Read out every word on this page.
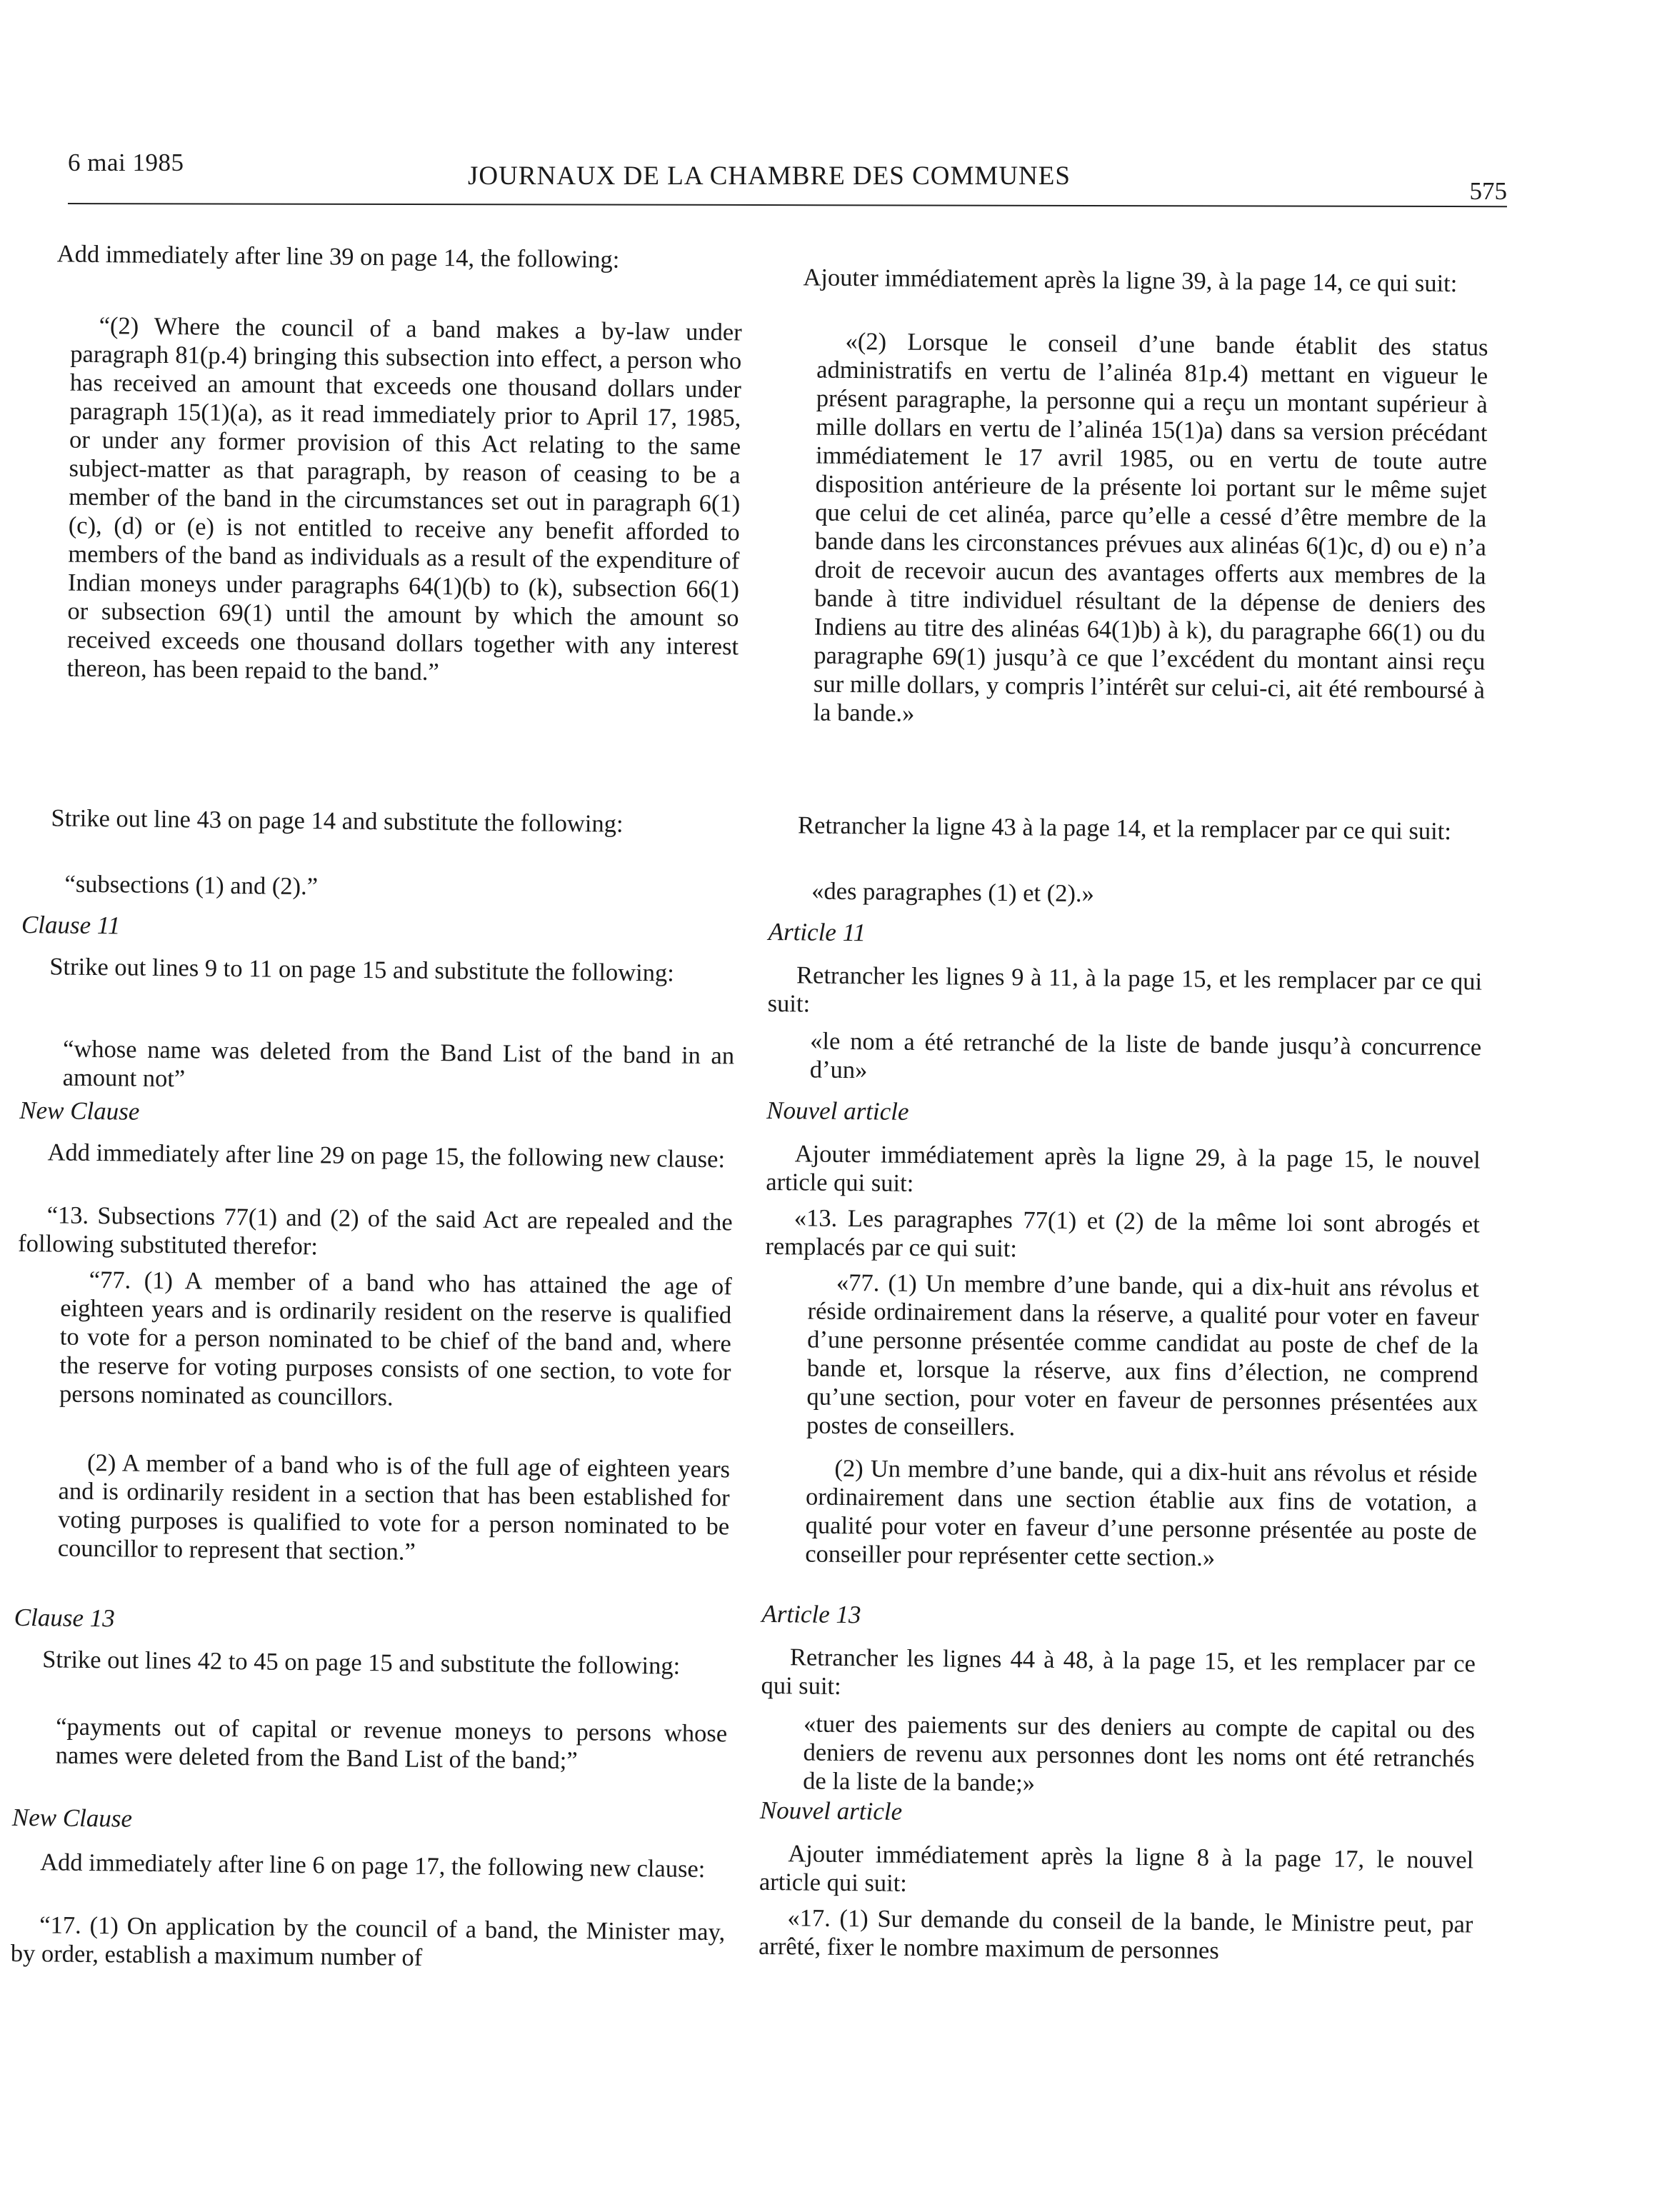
6 mai 1985	JOURNAUX DE LA CHAMBRE DES COMMUNES
575

Add immediately after line 39 on page 14, the following:

“(2) Where the council of a band makes a by-law under paragraph 81(p.4) bringing this subsection into effect, a person who has received an amount that exceeds one thousand dollars under paragraph 15(1)(a), as it read immediately prior to April 17, 1985, or under any former provision of this Act relating to the same subject-matter as that paragraph, by reason of ceasing to be a member of the band in the circumstances set out in paragraph 6(1)(c), (d) or (e) is not entitled to receive any benefit afforded to members of the band as individuals as a result of the expenditure of Indian moneys under paragraphs 64(1)(b) to (k), subsection 66(1) or subsection 69(1) until the amount by which the amount so received exceeds one thousand dollars together with any interest thereon, has been repaid to the band.”

Strike out line 43 on page 14 and substitute the following:

“subsections (1) and (2).”

Clause 11

Strike out lines 9 to 11 on page 15 and substitute the following:

“whose name was deleted from the Band List of the band in an amount not”

New Clause

Add immediately after line 29 on page 15, the following new clause:

“13. Subsections 77(1) and (2) of the said Act are repealed and the following substituted therefor:

“77. (1) A member of a band who has attained the age of eighteen years and is ordinarily resident on the reserve is qualified to vote for a person nominated to be chief of the band and, where the reserve for voting purposes consists of one section, to vote for persons nominated as councillors.

(2) A member of a band who is of the full age of eighteen years and is ordinarily resident in a section that has been established for voting purposes is qualified to vote for a person nominated to be councillor to represent that section.”

Clause 13

Strike out lines 42 to 45 on page 15 and substitute the following:

“payments out of capital or revenue moneys to persons whose names were deleted from the Band List of the band;”

New Clause

Add immediately after line 6 on page 17, the following new clause:

“17. (1) On application by the council of a band, the Minister may, by order, establish a maximum number of

Ajouter immédiatement après la ligne 39, à la page 14, ce qui suit:

«(2) Lorsque le conseil d’une bande établit des status administratifs en vertu de l’alinéa 81p.4) mettant en vigueur le présent paragraphe, la personne qui a reçu un montant supérieur à mille dollars en vertu de l’alinéa 15(1)a) dans sa version précédant immédiatement le 17 avril 1985, ou en vertu de toute autre disposition antérieure de la présente loi portant sur le même sujet que celui de cet alinéa, parce qu’elle a cessé d’être membre de la bande dans les circonstances prévues aux alinéas 6(1)c, d) ou e) n’a droit de recevoir aucun des avantages offerts aux membres de la bande à titre individuel résultant de la dépense de deniers des Indiens au titre des alinéas 64(1)b) à k), du paragraphe 66(1) ou du paragraphe 69(1) jusqu’à ce que l’excédent du montant ainsi reçu sur mille dollars, y compris l’intérêt sur celui-ci, ait été remboursé à la bande.»

Retrancher la ligne 43 à la page 14, et la remplacer par ce qui suit:

«des paragraphes (1) et (2).»

Article 11

Retrancher les lignes 9 à 11, à la page 15, et les remplacer par ce qui suit:

«le nom a été retranché de la liste de bande jusqu’à concurrence d’un»

Nouvel article

Ajouter immédiatement après la ligne 29, à la page 15, le nouvel article qui suit:

«13. Les paragraphes 77(1) et (2) de la même loi sont abrogés et remplacés par ce qui suit:

«77. (1) Un membre d’une bande, qui a dix-huit ans révolus et réside ordinairement dans la réserve, a qualité pour voter en faveur d’une personne présentée comme candidat au poste de chef de la bande et, lorsque la réserve, aux fins d’élection, ne comprend qu’une section, pour voter en faveur de personnes présentées aux postes de conseillers.

(2) Un membre d’une bande, qui a dix-huit ans révolus et réside ordinairement dans une section établie aux fins de votation, a qualité pour voter en faveur d’une personne présentée au poste de conseiller pour représenter cette section.»

Article 13

Retrancher les lignes 44 à 48, à la page 15, et les remplacer par ce qui suit:

«tuer des paiements sur des deniers au compte de capital ou des deniers de revenu aux personnes dont les noms ont été retranchés de la liste de la bande;»

Nouvel article

Ajouter immédiatement après la ligne 8 à la page 17, le nouvel article qui suit:

«17. (1) Sur demande du conseil de la bande, le Ministre peut, par arrêté, fixer le nombre maximum de personnes
